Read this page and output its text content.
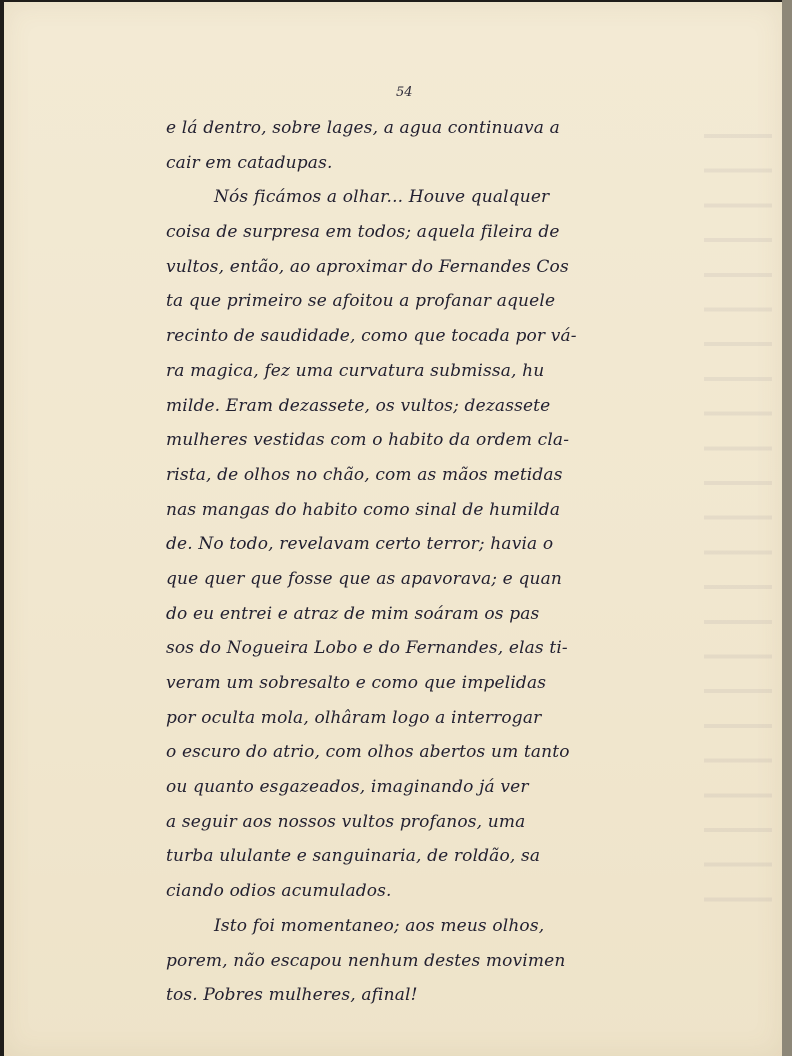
54
e lá dentro, sobre lages, a agua continuava a
cair em catadupas.
Nós ficámos a olhar... Houve qualquer
coisa de surpresa em todos; aquela fileira de
vultos, então, ao aproximar do Fernandes Cos
ta que primeiro se afoitou a profanar aquele
recinto de saudidade, como que tocada por vá-
ra magica, fez uma curvatura submissa, hu
milde. Eram dezassete, os vultos; dezassete
mulheres vestidas com o habito da ordem cla-
rista, de olhos no chão, com as mãos metidas
nas mangas do habito como sinal de humilda
de. No todo, revelavam certo terror; havia o
que quer que fosse que as apavorava; e quan
do eu entrei e atraz de mim soáram os pas
sos do Nogueira Lobo e do Fernandes, elas ti-
veram um sobresalto e como que impelidas
por oculta mola, olhâram logo a interrogar
o escuro do atrio, com olhos abertos um tanto
ou quanto esgazeados, imaginando já ver
a seguir aos nossos vultos profanos, uma
turba ululante e sanguinaria, de roldão, sa
ciando odios acumulados.
Isto foi momentaneo; aos meus olhos,
porem, não escapou nenhum destes movimen
tos. Pobres mulheres, afinal!
